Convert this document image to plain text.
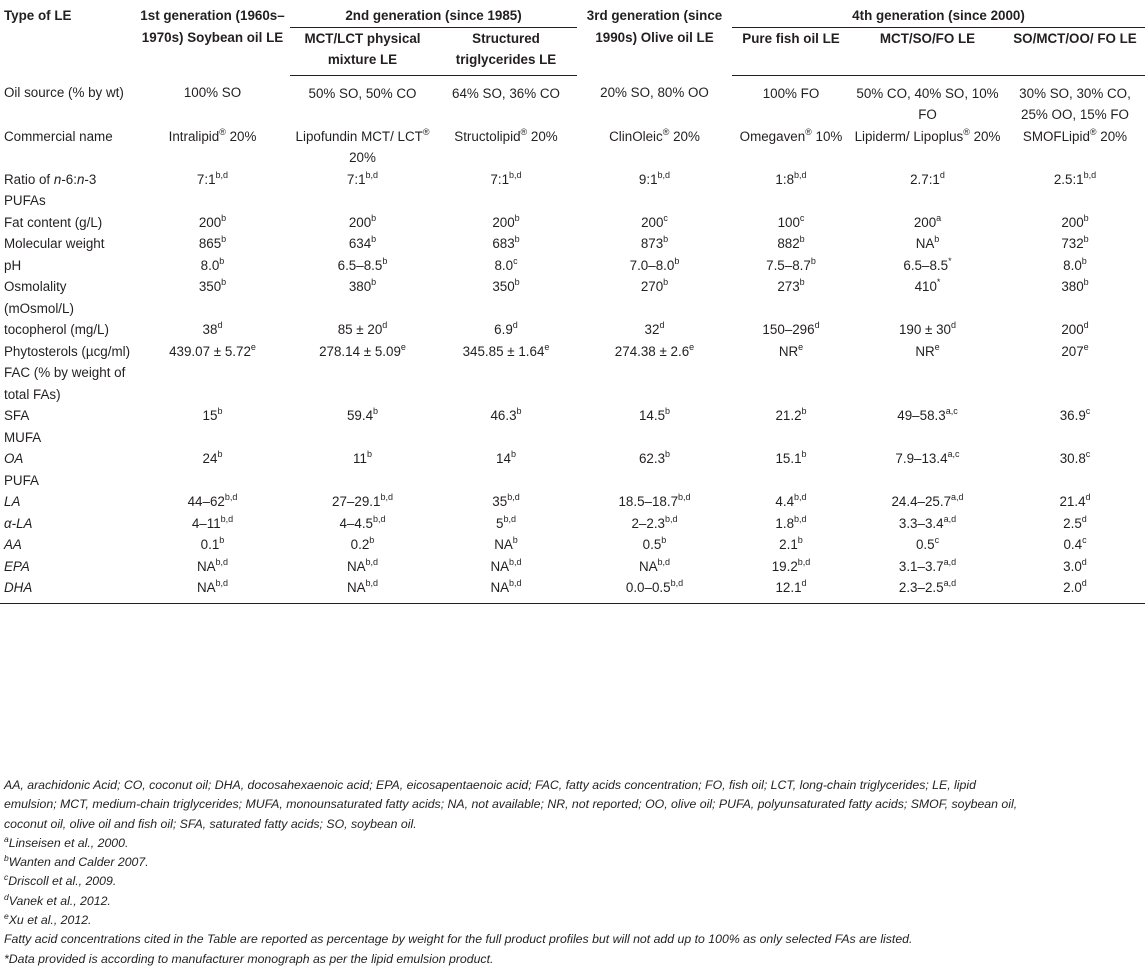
Type of LE	1st generation (1960s–1970s) Soybean oil LE	2nd generation (since 1985)		3rd generation (since 1990s) Olive oil LE	4th generation (since 2000)		
		MCT/LCT physical mixture LE	Structured triglycerides LE		Pure fish oil LE	MCT/SO/FO LE	SO/MCT/OO/ FO LE
Oil source (% by wt)	100% SO	50% SO, 50% CO	64% SO, 36% CO	20% SO, 80% OO	100% FO	50% CO, 40% SO, 10% FO	30% SO, 30% CO, 25% OO, 15% FO
Commercial name	Intralipid® 20%	Lipofundin MCT/ LCT® 20%	Structolipid® 20%	ClinOleic® 20%	Omegaven® 10%	Lipiderm/ Lipoplus® 20%	SMOFLipid® 20%
Ratio of n-6:n-3 PUFAs	7:1$^{b,d}$	7:1$^{b,d}$	7:1$^{b,d}$	9:1$^{b,d}$	1:8$^{b,d}$	2.7:1$^d$	2.5:1$^{b,d}$
Fat content (g/L)	200$^b$	200$^b$	200$^b$	200$^c$	100$^c$	200$^a$	200$^b$
Molecular weight	865$^b$	634$^b$	683$^b$	873$^b$	882$^b$	$NA^b$	732$^b$
pH	8.0$^b$	6.5–8.5$^b$	8.0$^c$	7.0–8.0$^b$	7.5–8.7$^b$	6.5–8.5*	8.0$^b$
Osmolality (mOsmol/L)	350$^b$	380$^b$	350$^b$	270$^b$	273$^b$	410*	380$^b$
tocopherol (mg/L)	38$^d$	$85 \pm 20^d$	6.9$^d$	32$^d$	150–296$^d$	$190 \pm 30^d$	200$^d$
Phytosterols (µcg/ml)	439.07 ± 5.72$^e$	278.14 ± 5.09$^e$	345.85 ± 1.64$^e$	274.38 ± 2.6$^e$	$NR^e$	$NR^e$	207e
FAC (% by weight of total FAs)							
SFA	15$^b$	59.4$^b$	46.3$^b$	14.5$^b$	21.2$^b$	49–58.3$^{a,c}$	36.9$^c$
MUFA							
OA	24$^b$	11$^b$	14$^b$	62.3$^b$	15.1$^b$	7.9–13.4$^{a,c}$	30.8$^c$
PUFA							
LA	44–62$^{b,d}$	27–29.1$^{b,d}$	35$^{b,d}$	18.5–18.7$^{b,d}$	4.4$^{b,d}$	24.4–25.7$^{a,d}$	21.4$^d$
α-LA	4–11$^{b,d}$	4–4.5$^{b,d}$	5$^{b,d}$	2–2.3$^{b,d}$	1.8$^{b,d}$	3.3–3.4$^{a,d}$	2.5$^d$
AA	0.1$^b$	0.2$^b$	$NA^b$	0.5$^b$	2.1$^b$	0.5$^c$	0.4$^c$
EPA	NA$^{b,d}$	NA$^{b,d}$	NA$^{b,d}$	NA$^{b,d}$	19.2$^{b,d}$	3.1–3.7$^{a,d}$	3.0$^d$
DHA	NA$^{b,d}$	NA$^{b,d}$	NA$^{b,d}$	0.0–0.5$^{b,d}$	12.1$^d$	2.3–2.5$^{a,d}$	2.0$^d$
AA, arachidonic Acid; CO, coconut oil; DHA, docosahexaenoic acid; EPA, eicosapentaenoic acid; FAC, fatty acids concentration; FO, fish oil; LCT, long-chain triglycerides; LE, lipid
emulsion; MCT, medium-chain triglycerides; MUFA, monounsaturated fatty acids; NA, not available; NR, not reported; OO, olive oil; PUFA, polyunsaturated fatty acids; SMOF, soybean oil,
coconut oil, olive oil and fish oil; SFA, saturated fatty acids; SO, soybean oil.
$^a$Linseisen et al., 2000.
$^b$Wanten and Calder 2007.
$^c$Driscoll et al., 2009.
$^d$Vanek et al., 2012.
$^e$Xu et al., 2012.
Fatty acid concentrations cited in the Table are reported as percentage by weight for the full product profiles but will not add up to 100% as only selected FAs are listed.
*Data provided is according to manufacturer monograph as per the lipid emulsion product.
